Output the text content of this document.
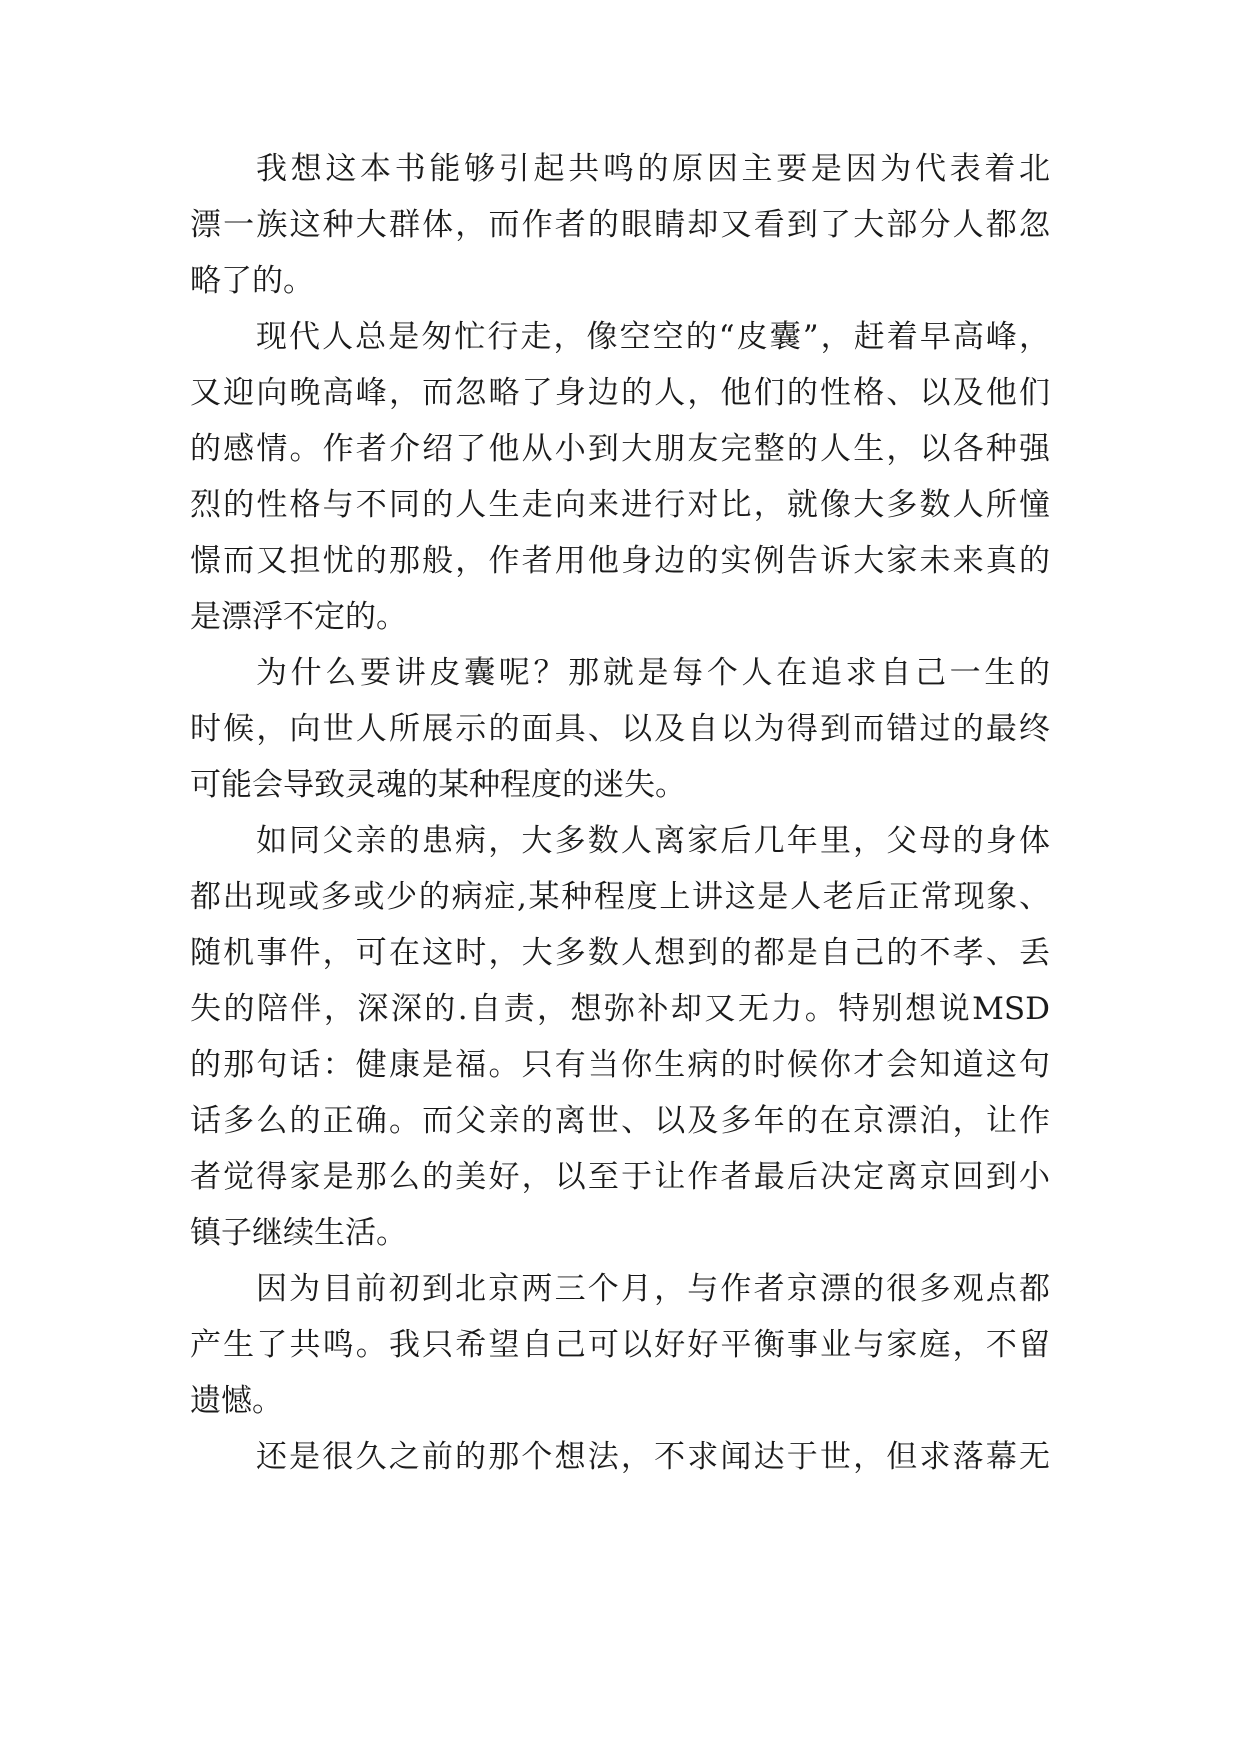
我想这本书能够引起共鸣的原因主要是因为代表着北
漂一族这种大群体，而作者的眼睛却又看到了大部分人都忽
略了的。
现代人总是匆忙行走，像空空的“皮囊”，赶着早高峰，
又迎向晚高峰，而忽略了身边的人，他们的性格、以及他们
的感情。作者介绍了他从小到大朋友完整的人生，以各种强
烈的性格与不同的人生走向来进行对比，就像大多数人所憧
憬而又担忧的那般，作者用他身边的实例告诉大家未来真的
是漂浮不定的。
为什么要讲皮囊呢？那就是每个人在追求自己一生的
时候，向世人所展示的面具、以及自以为得到而错过的最终
可能会导致灵魂的某种程度的迷失。
如同父亲的患病，大多数人离家后几年里，父母的身体
都出现或多或少的病症,某种程度上讲这是人老后正常现象、
随机事件，可在这时，大多数人想到的都是自己的不孝、丢
失的陪伴，深深的.自责，想弥补却又无力。特别想说MSD
的那句话：健康是福。只有当你生病的时候你才会知道这句
话多么的正确。而父亲的离世、以及多年的在京漂泊，让作
者觉得家是那么的美好，以至于让作者最后决定离京回到小
镇子继续生活。
因为目前初到北京两三个月，与作者京漂的很多观点都
产生了共鸣。我只希望自己可以好好平衡事业与家庭，不留
遗憾。
还是很久之前的那个想法，不求闻达于世，但求落幕无
